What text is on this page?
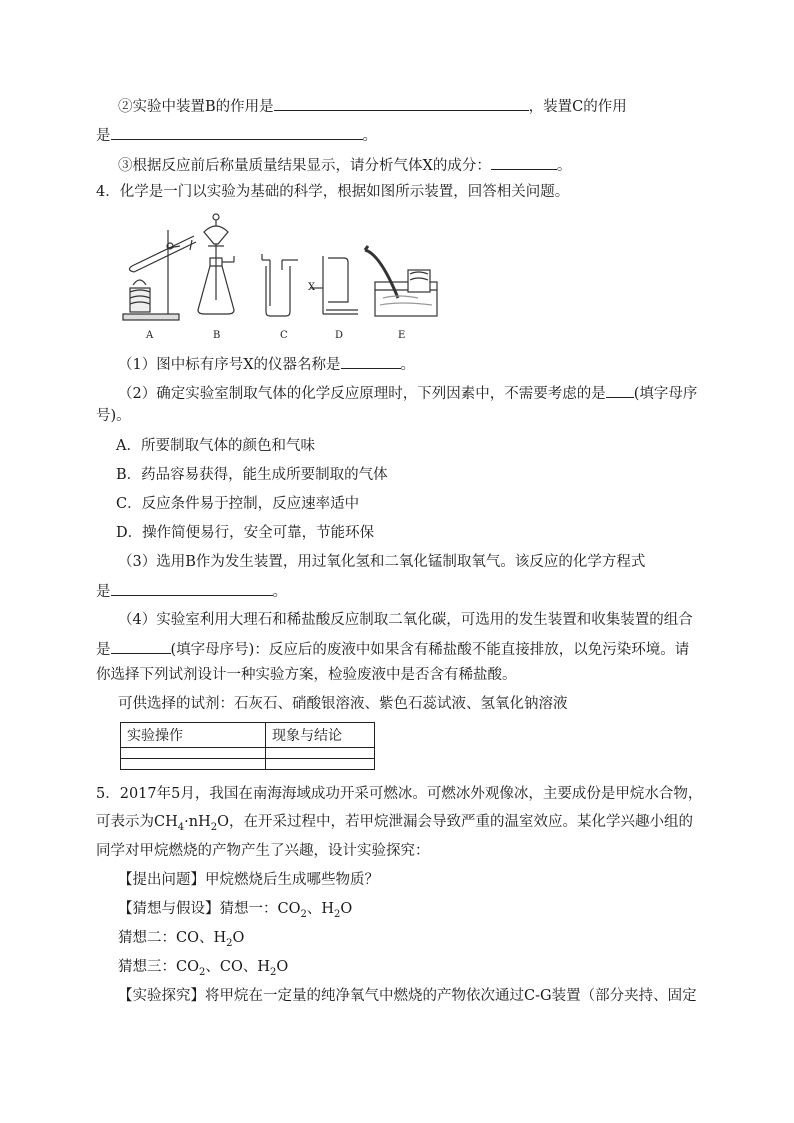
②实验中装置B的作用是	，装置C的作用
是	。
③根据反应前后称量质量结果显示，请分析气体X的成分：	。
4．化学是一门以实验为基础的科学，根据如图所示装置，回答相关问题。
A	B	C	D	E
X
（1）图中标有序号X的仪器名称是	。
（2）确定实验室制取气体的化学反应原理时，下列因素中，不需要考虑的是 (填字母序
号)。
A．所要制取气体的颜色和气味
B．药品容易获得，能生成所要制取的气体
C．反应条件易于控制，反应速率适中
D．操作简便易行，安全可靠，节能环保
（3）选用B作为发生装置，用过氧化氢和二氧化锰制取氧气。该反应的化学方程式
是	。
（4）实验室利用大理石和稀盐酸反应制取二氧化碳，可选用的发生装置和收集装置的组合
是	(填字母序号)：反应后的废液中如果含有稀盐酸不能直接排放，以免污染环境。请
你选择下列试剂设计一种实验方案，检验废液中是否含有稀盐酸。
可供选择的试剂：石灰石、硝酸银溶液、紫色石蕊试液、氢氧化钠溶液
实验操作	现象与结论

5．2017年5月，我国在南海海域成功开采可燃冰。可燃冰外观像冰，主要成份是甲烷水合物，
可表示为$CH_4\cdot nH_2O$，在开采过程中，若甲烷泄漏会导致严重的温室效应。某化学兴趣小组的
同学对甲烷燃烧的产物产生了兴趣，设计实验探究：
【提出问题】甲烷燃烧后生成哪些物质？
【猜想与假设】猜想一：$CO_2$、$H_2O$
猜想二：CO、$H_2O$
猜想三：$CO_2$、CO、$H_2O$
【实验探究】将甲烷在一定量的纯净氧气中燃烧的产物依次通过C-G装置（部分夹持、固定
